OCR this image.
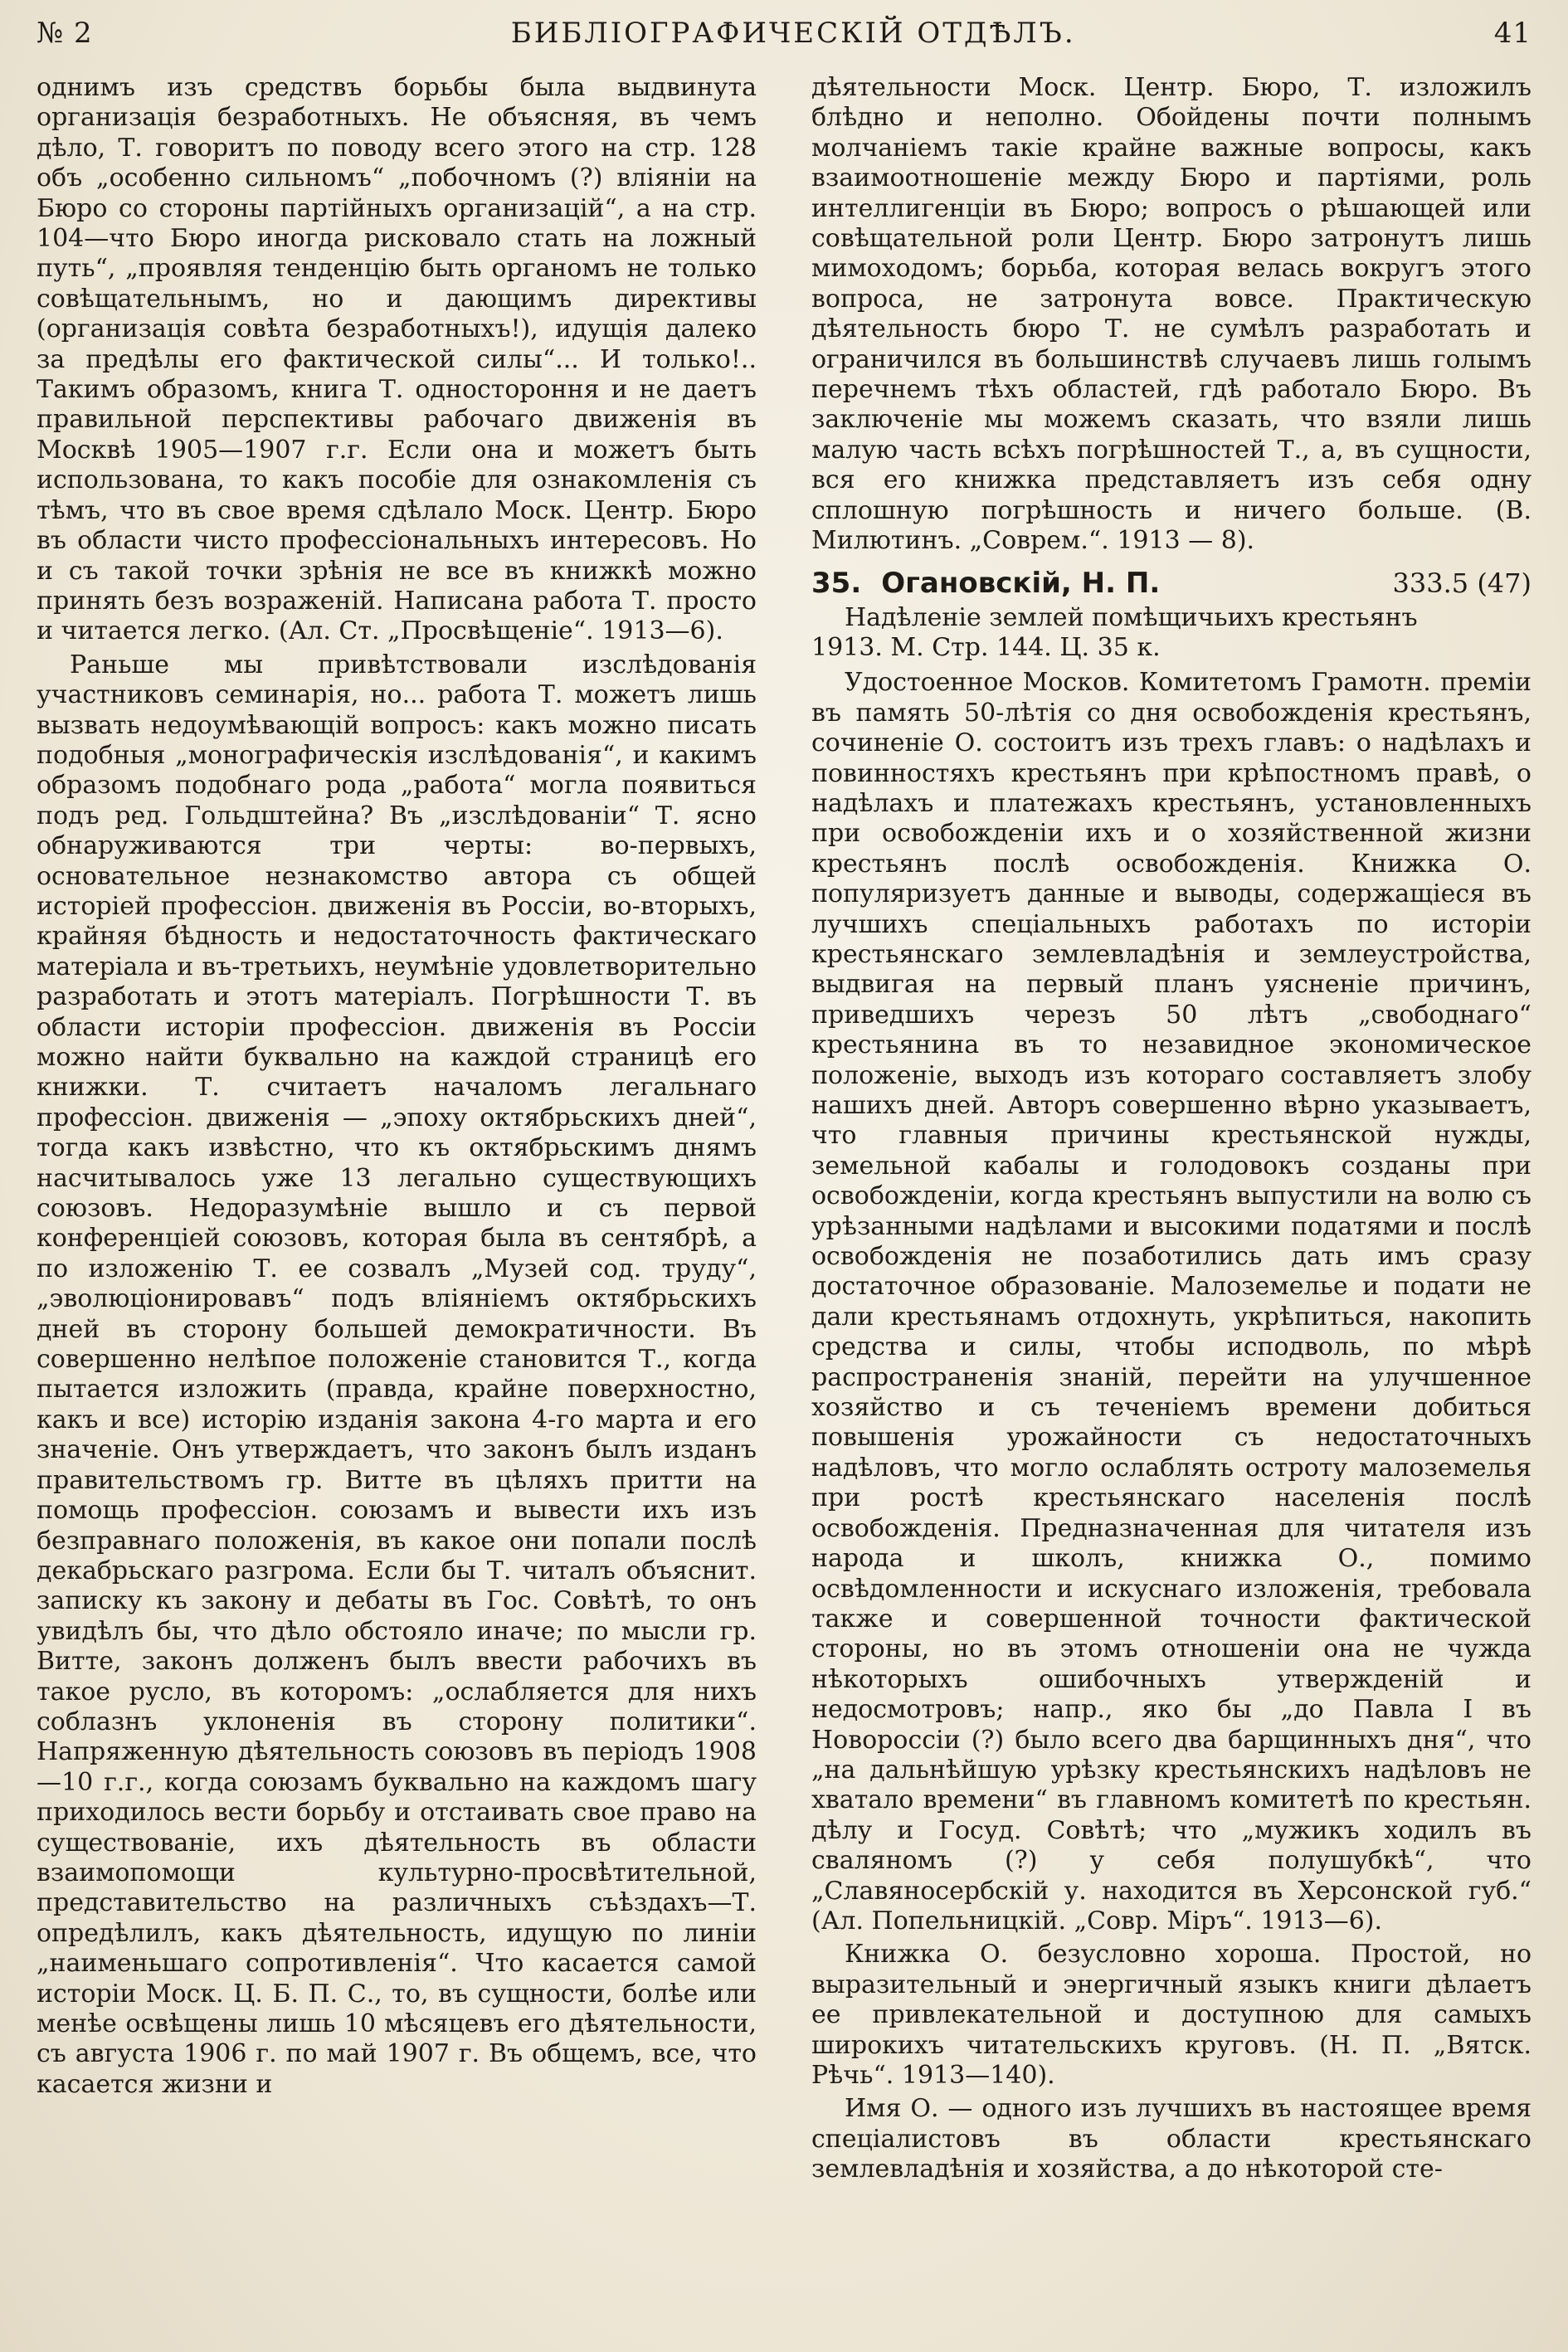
№ 2	БИБЛІОГРАФИЧЕСКІЙ ОТДѢЛЪ.	41

однимъ изъ средствъ борьбы была выдвинута организація безработныхъ. Не объясняя, въ чемъ дѣло, Т. говоритъ по поводу всего этого на стр. 128 объ „особенно сильномъ“ „побочномъ (?) вліяніи на Бюро со стороны партійныхъ организацій“, а на стр. 104—что Бюро иногда рисковало стать на ложный путь“, „проявляя тенденцію быть органомъ не только совѣщательнымъ, но и дающимъ директивы (организація совѣта безработныхъ!), идущія далеко за предѣлы его фактической силы“... И только!.. Такимъ образомъ, книга Т. одностороння и не даетъ правильной перспективы рабочаго движенія въ Москвѣ 1905—1907 г.г. Если она и можетъ быть использована, то какъ пособіе для ознакомленія съ тѣмъ, что въ свое время сдѣлало Моск. Центр. Бюро въ области чисто профессіональныхъ интересовъ. Но и съ такой точки зрѣнія не все въ книжкѣ можно принять безъ возраженій. Написана работа Т. просто и читается легко. (Ал. Ст. „Просвѣщеніе“. 1913—6).

Раньше мы привѣтствовали изслѣдованія участниковъ семинарія, но... работа Т. можетъ лишь вызвать недоумѣвающій вопросъ: какъ можно писать подобныя „монографическія изслѣдованія“, и какимъ образомъ подобнаго рода „работа“ могла появиться подъ ред. Гольдштейна? Въ „изслѣдованіи“ Т. ясно обнаруживаются три черты: во-первыхъ, основательное незнакомство автора съ общей исторіей профессіон. движенія въ Россіи, во-вторыхъ, крайняя бѣдность и недостаточность фактическаго матеріала и въ-третьихъ, неумѣніе удовлетворительно разработать и этотъ матеріалъ. Погрѣшности Т. въ области исторіи профессіон. движенія въ Россіи можно найти буквально на каждой страницѣ его книжки. Т. считаетъ началомъ легальнаго профессіон. движенія — „эпоху октябрьскихъ дней“, тогда какъ извѣстно, что къ октябрьскимъ днямъ насчитывалось уже 13 легально существующихъ союзовъ. Недоразумѣніе вышло и съ первой конференціей союзовъ, которая была въ сентябрѣ, а по изложенію Т. ее созвалъ „Музей сод. труду“, „эволюціонировавъ“ подъ вліяніемъ октябрьскихъ дней въ сторону большей демократичности. Въ совершенно нелѣпое положеніе становится Т., когда пытается изложить (правда, крайне поверхностно, какъ и все) исторію изданія закона 4-го марта и его значеніе. Онъ утверждаетъ, что законъ былъ изданъ правительствомъ гр. Витте въ цѣляхъ притти на помощь профессіон. союзамъ и вывести ихъ изъ безправнаго положенія, въ какое они попали послѣ декабрьскаго разгрома. Если бы Т. читалъ объяснит. записку къ закону и дебаты въ Гос. Совѣтѣ, то онъ увидѣлъ бы, что дѣло обстояло иначе; по мысли гр. Витте, законъ долженъ былъ ввести рабочихъ въ такое русло, въ которомъ: „ослабляется для нихъ соблазнъ уклоненія въ сторону политики“. Напряженную дѣятельность союзовъ въ періодъ 1908—10 г.г., когда союзамъ буквально на каждомъ шагу приходилось вести борьбу и отстаивать свое право на существованіе, ихъ дѣятельность въ области взаимопомощи культурно-просвѣтительной, представительство на различныхъ съѣздахъ—Т. опредѣлилъ, какъ дѣятельность, идущую по линіи „наименьшаго сопротивленія“. Что касается самой исторіи Моск. Ц. Б. П. С., то, въ сущности, болѣе или менѣе освѣщены лишь 10 мѣсяцевъ его дѣятельности, съ августа 1906 г. по май 1907 г. Въ общемъ, все, что касается жизни и

дѣятельности Моск. Центр. Бюро, Т. изложилъ блѣдно и неполно. Обойдены почти полнымъ молчаніемъ такіе крайне важные вопросы, какъ взаимоотношеніе между Бюро и партіями, роль интеллигенціи въ Бюро; вопросъ о рѣшающей или совѣщательной роли Центр. Бюро затронутъ лишь мимоходомъ; борьба, которая велась вокругъ этого вопроса, не затронута вовсе. Практическую дѣятельность бюро Т. не сумѣлъ разработать и ограничился въ большинствѣ случаевъ лишь голымъ перечнемъ тѣхъ областей, гдѣ работало Бюро. Въ заключеніе мы можемъ сказать, что взяли лишь малую часть всѣхъ погрѣшностей Т., а, въ сущности, вся его книжка представляетъ изъ себя одну сплошную погрѣшность и ничего больше. (В. Милютинъ. „Соврем.“. 1913 — 8).

35. Огановскій, Н. П.	333.5 (47)
Надѣленіе землей помѣщичьихъ крестьянъ
1913. М. Стр. 144. Ц. 35 к.

Удостоенное Москов. Комитетомъ Грамотн. преміи въ память 50-лѣтія со дня освобожденія крестьянъ, сочиненіе О. состоитъ изъ трехъ главъ: о надѣлахъ и повинностяхъ крестьянъ при крѣпостномъ правѣ, о надѣлахъ и платежахъ крестьянъ, установленныхъ при освобожденіи ихъ и о хозяйственной жизни крестьянъ послѣ освобожденія. Книжка О. популяризуетъ данные и выводы, содержащіеся въ лучшихъ спеціальныхъ работахъ по исторіи крестьянскаго землевладѣнія и землеустройства, выдвигая на первый планъ уясненіе причинъ, приведшихъ черезъ 50 лѣтъ „свободнаго“ крестьянина въ то незавидное экономическое положеніе, выходъ изъ котораго составляетъ злобу нашихъ дней. Авторъ совершенно вѣрно указываетъ, что главныя причины крестьянской нужды, земельной кабалы и голодовокъ созданы при освобожденіи, когда крестьянъ выпустили на волю съ урѣзанными надѣлами и высокими податями и послѣ освобожденія не позаботились дать имъ сразу достаточное образованіе. Малоземелье и подати не дали крестьянамъ отдохнуть, укрѣпиться, накопить средства и силы, чтобы исподволь, по мѣрѣ распространенія знаній, перейти на улучшенное хозяйство и съ теченіемъ времени добиться повышенія урожайности съ недостаточныхъ надѣловъ, что могло ослаблять остроту малоземелья при ростѣ крестьянскаго населенія послѣ освобожденія. Предназначенная для читателя изъ народа и школъ, книжка О., помимо освѣдомленности и искуснаго изложенія, требовала также и совершенной точности фактической стороны, но въ этомъ отношеніи она не чужда нѣкоторыхъ ошибочныхъ утвержденій и недосмотровъ; напр., яко бы „до Павла I въ Новороссіи (?) было всего два барщинныхъ дня“, что „на дальнѣйшую урѣзку крестьянскихъ надѣловъ не хватало времени“ въ главномъ комитетѣ по крестьян. дѣлу и Госуд. Совѣтѣ; что „мужикъ ходилъ въ сваляномъ (?) у себя полушубкѣ“, что „Славяносербскій у. находится въ Херсонской губ.“ (Ал. Попельницкій. „Совр. Міръ“. 1913—6).

Книжка О. безусловно хороша. Простой, но выразительный и энергичный языкъ книги дѣлаетъ ее привлекательной и доступною для самыхъ широкихъ читательскихъ круговъ. (Н. П. „Вятск. Рѣчь“. 1913—140).

Имя О. — одного изъ лучшихъ въ настоящее время спеціалистовъ въ области крестьянскаго землевладѣнія и хозяйства, а до нѣкоторой сте-
